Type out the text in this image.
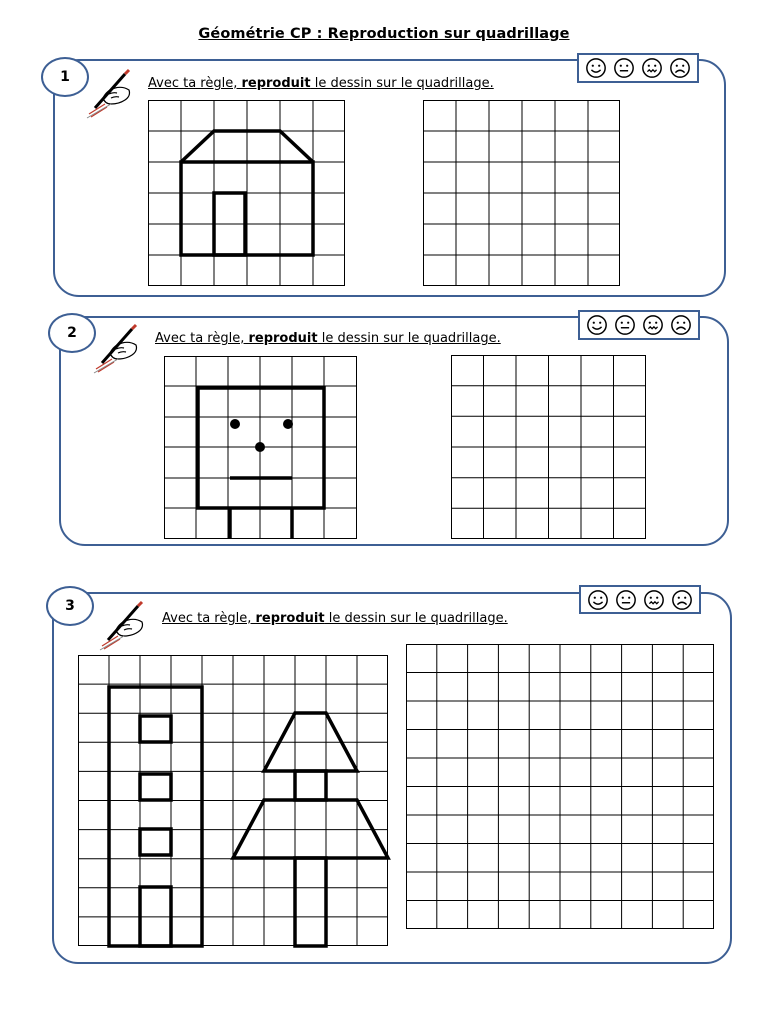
Géométrie CP : Reproduction sur quadrillage
1	Avec ta règle, reproduit le dessin sur le quadrillage.
2	Avec ta règle, reproduit le dessin sur le quadrillage.
3
Avec ta règle, reproduit le dessin sur le quadrillage.
